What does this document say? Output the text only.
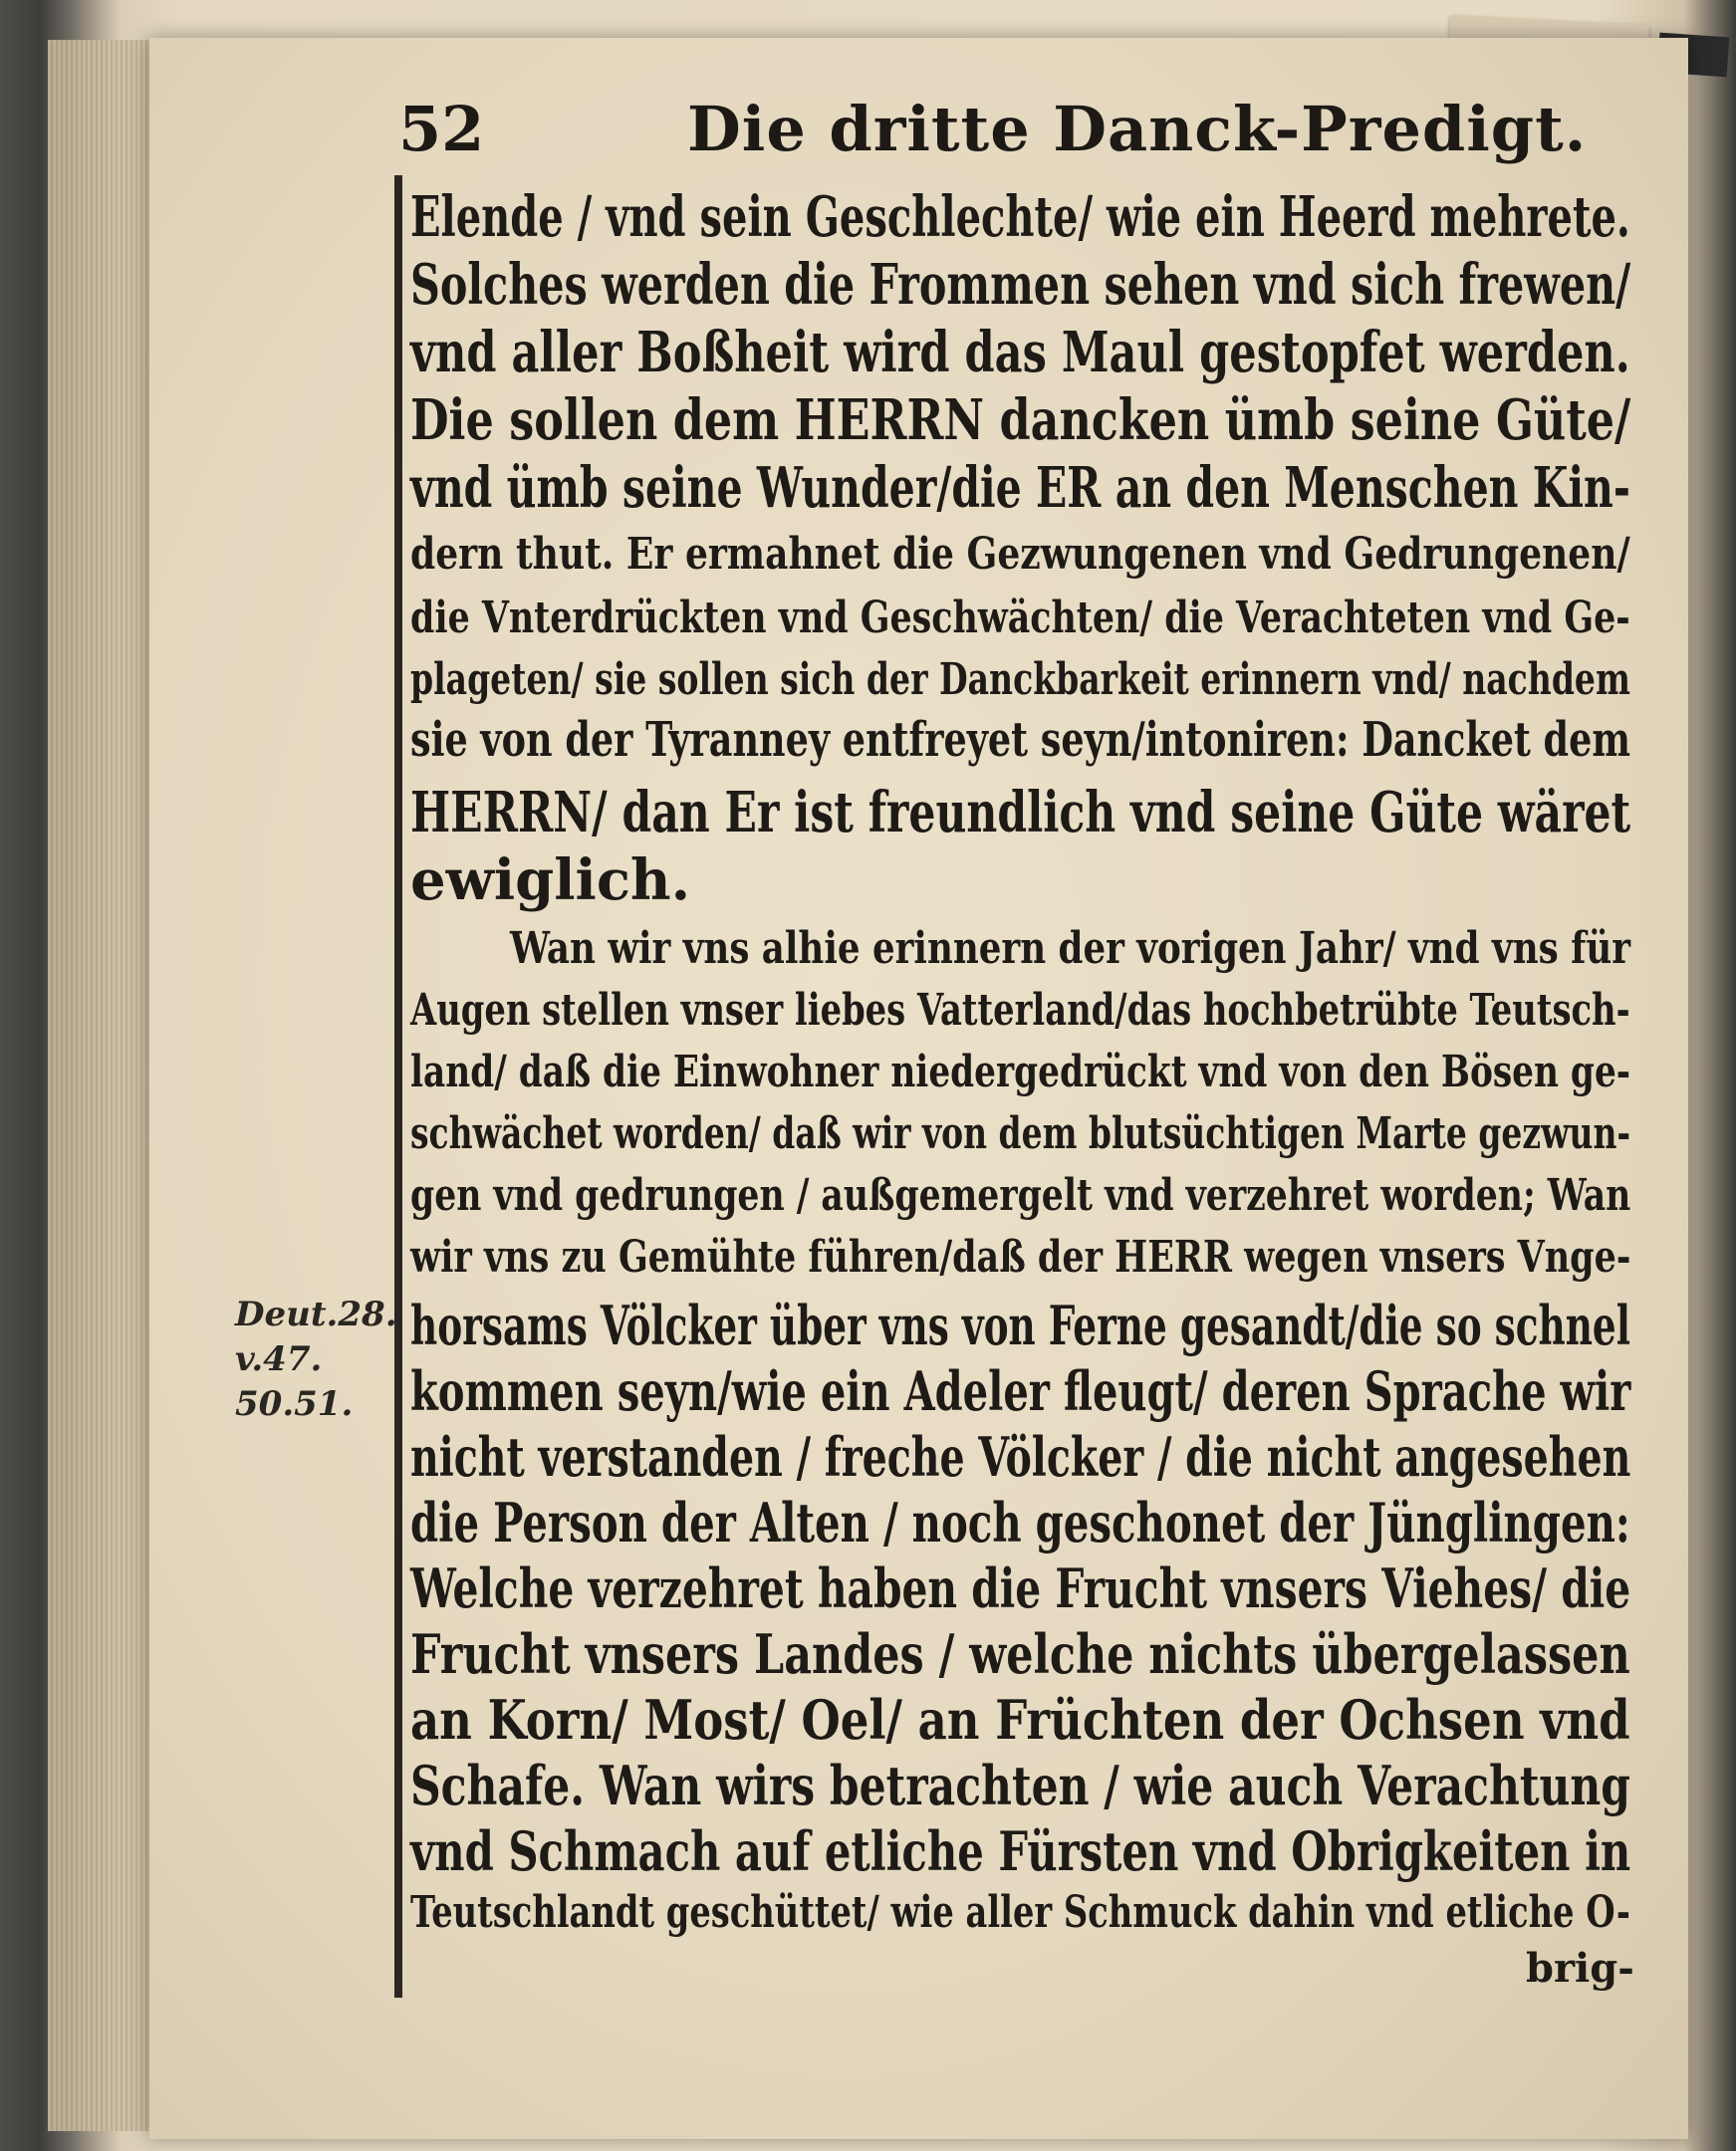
52	Die dritte Danck-Predigt.
Deut.28.
v.47.
50.51.
Elende / vnd sein Geschlechte/ wie ein Heerd mehrete.
Solches werden die Frommen sehen vnd sich frewen/
vnd aller Boßheit wird das Maul gestopfet werden.
Die sollen dem HERRN dancken ümb seine Güte/
vnd ümb seine Wunder/die ER an den Menschen Kin-
dern thut. Er ermahnet die Gezwungenen vnd Gedrungenen/
die Vnterdrückten vnd Geschwächten/ die Verachteten vnd Ge-
plageten/ sie sollen sich der Danckbarkeit erinnern vnd/ nachdem
sie von der Tyranney entfreyet seyn/intoniren: Dancket dem
HERRN/ dan Er ist freundlich vnd seine Güte wäret
ewiglich.
Wan wir vns alhie erinnern der vorigen Jahr/ vnd vns für
Augen stellen vnser liebes Vatterland/das hochbetrübte Teutsch-
land/ daß die Einwohner niedergedrückt vnd von den Bösen ge-
schwächet worden/ daß wir von dem blutsüchtigen Marte gezwun-
gen vnd gedrungen / außgemergelt vnd verzehret worden; Wan
wir vns zu Gemühte führen/daß der HERR wegen vnsers Vnge-
horsams Völcker über vns von Ferne gesandt/die so schnel
kommen seyn/wie ein Adeler fleugt/ deren Sprache wir
nicht verstanden / freche Völcker / die nicht angesehen
die Person der Alten / noch geschonet der Jünglingen:
Welche verzehret haben die Frucht vnsers Viehes/ die
Frucht vnsers Landes / welche nichts übergelassen
an Korn/ Most/ Oel/ an Früchten der Ochsen vnd
Schafe. Wan wirs betrachten / wie auch Verachtung
vnd Schmach auf etliche Fürsten vnd Obrigkeiten in
Teutschlandt geschüttet/ wie aller Schmuck dahin vnd etliche O-
brig-
